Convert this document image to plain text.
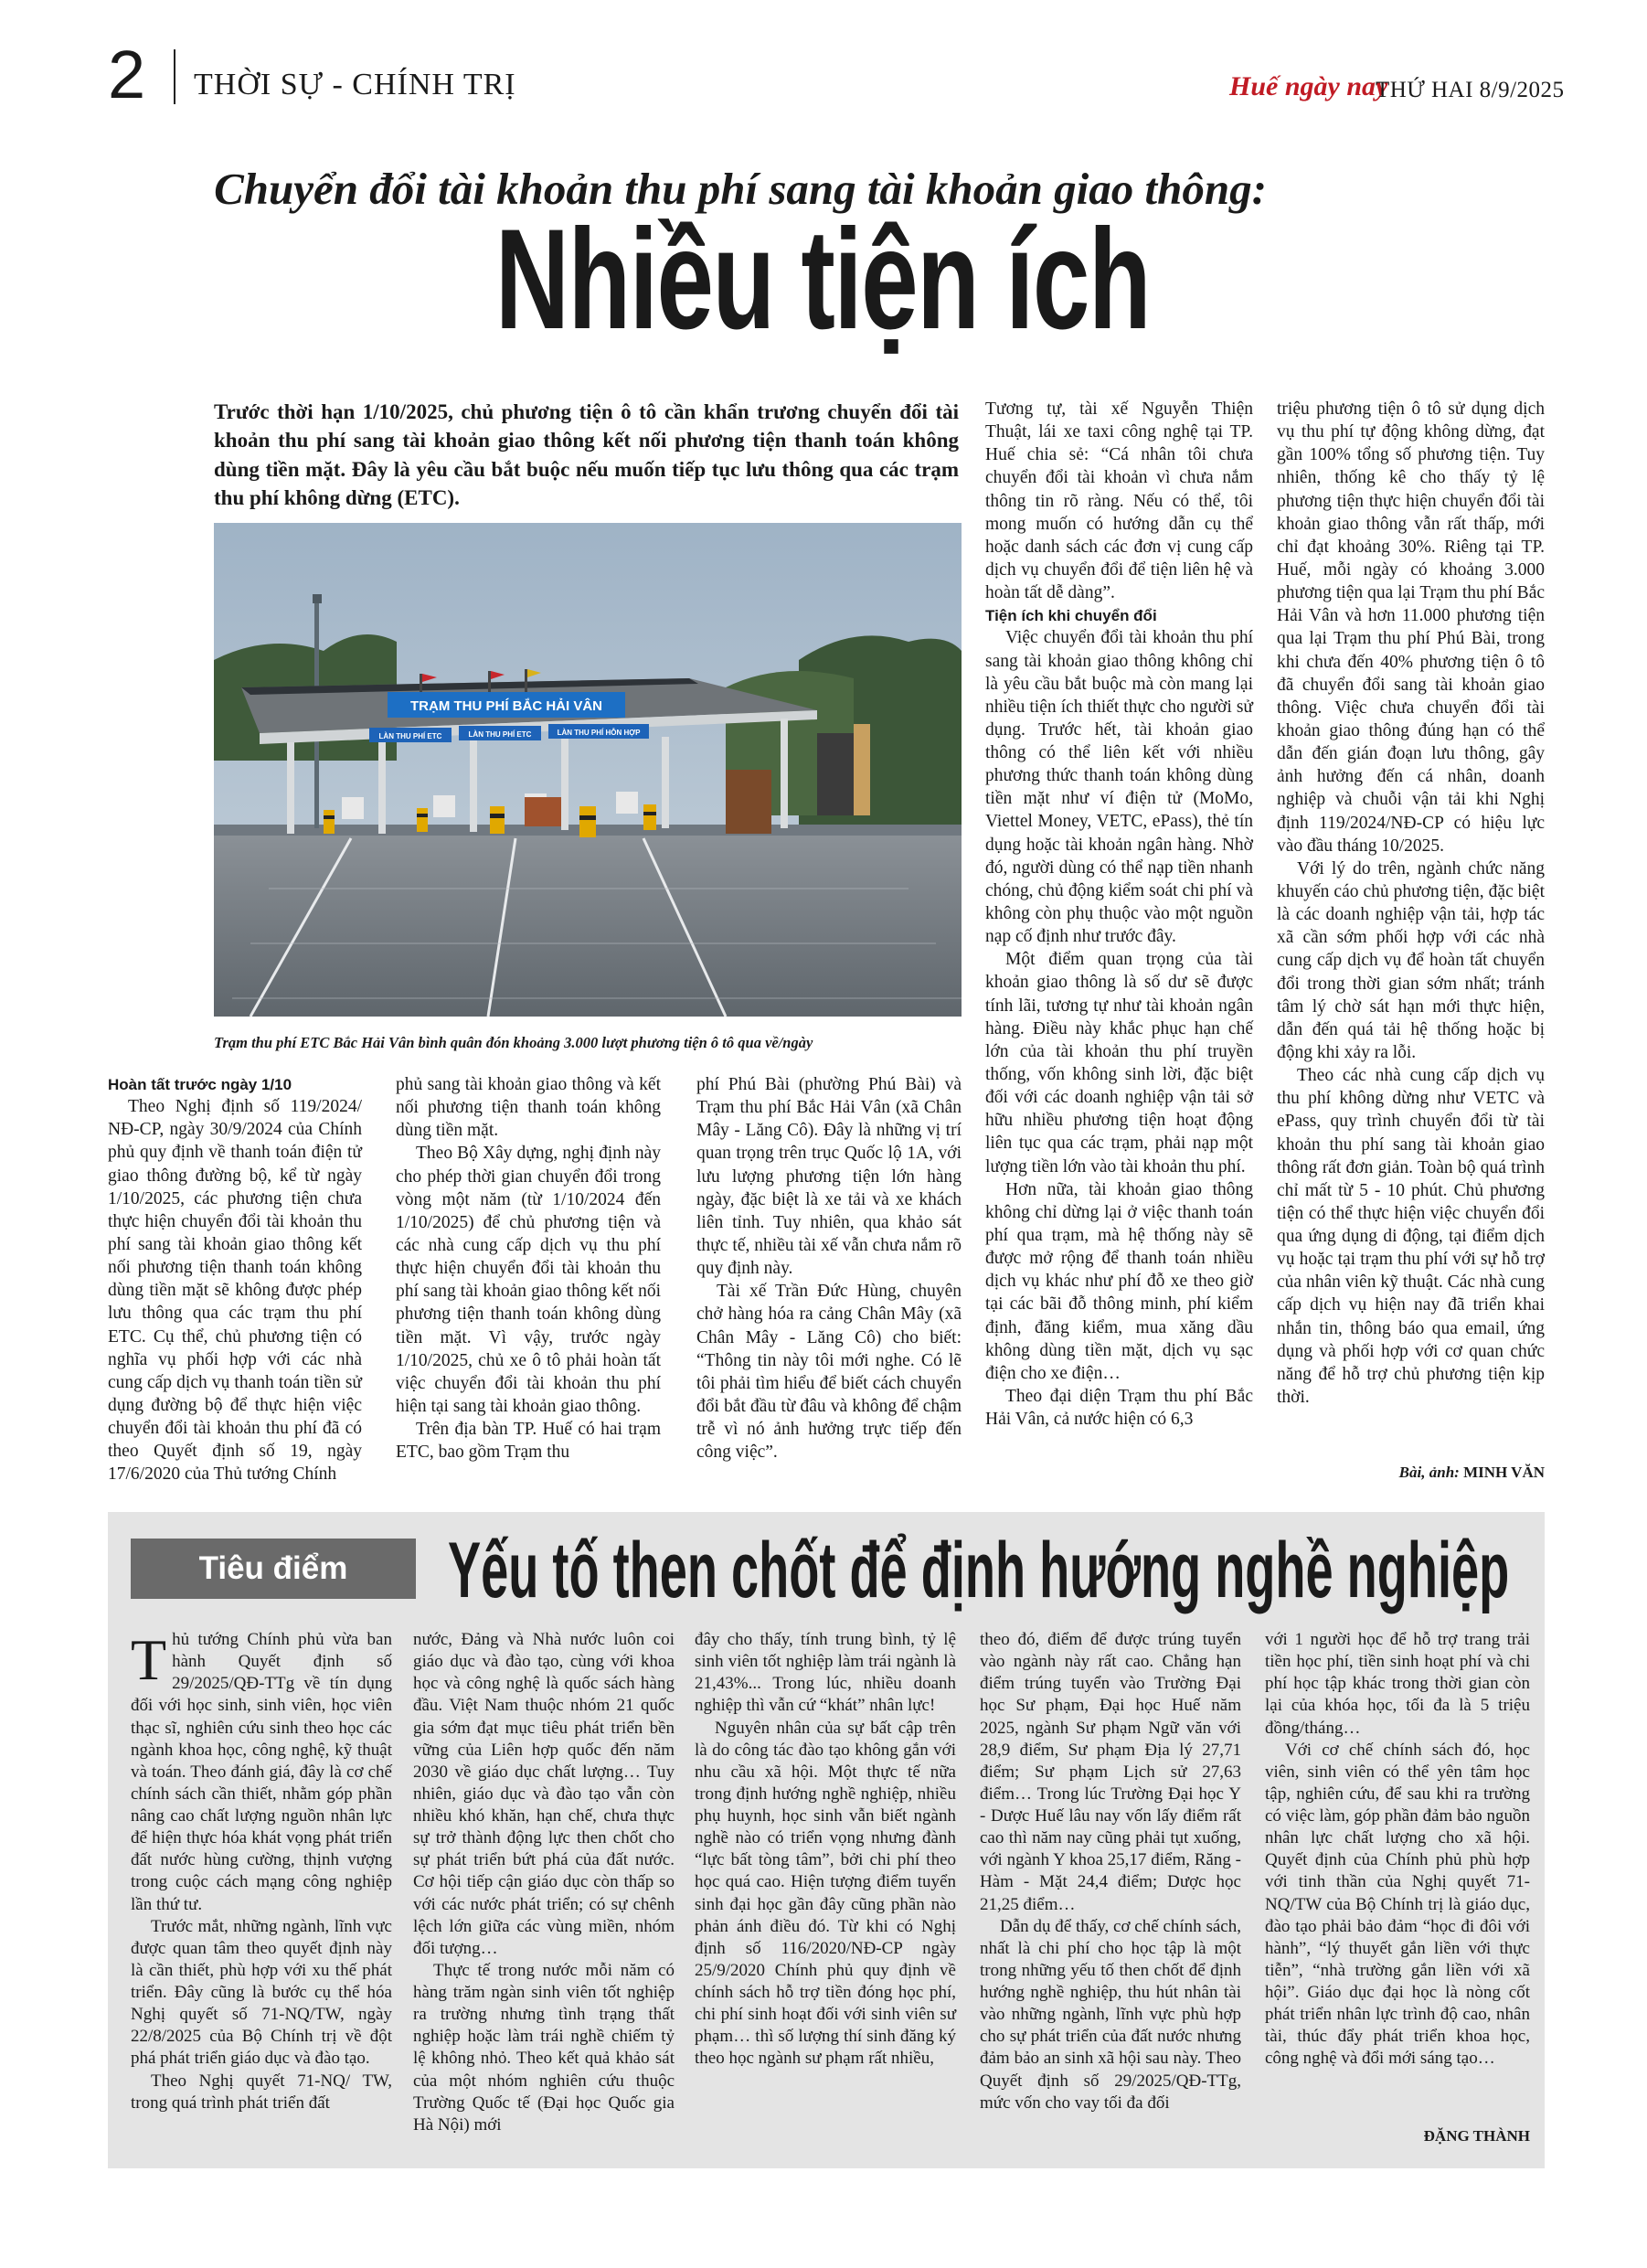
2 THỜI SỰ - CHÍNH TRỊ	Huế ngày nay
THỨ HAI 8/9/2025
Chuyển đổi tài khoản thu phí sang tài khoản giao thông:
Nhiều tiện ích
Trước thời hạn 1/10/2025, chủ phương tiện ô tô cần khẩn trương chuyển đổi tài khoản thu phí sang tài khoản giao thông kết nối phương tiện thanh toán không dùng tiền mặt. Đây là yêu cầu bắt buộc nếu muốn tiếp tục lưu thông qua các trạm thu phí không dừng (ETC).
TRẠM THU PHÍ BẮC HẢI VÂN
LÀN THU PHÍ ETC	LÀN THU PHÍ ETC	LÀN THU PHÍ HỖN HỢP
Trạm thu phí ETC Bắc Hải Vân bình quân đón khoảng 3.000 lượt phương tiện ô tô qua về/ngày
Hoàn tất trước ngày 1/10

Theo Nghị định số 119/2024/ NĐ-CP, ngày 30/9/2024 của Chính phủ quy định về thanh toán điện tử giao thông đường bộ, kể từ ngày 1/10/2025, các phương tiện chưa thực hiện chuyển đổi tài khoản thu phí sang tài khoản giao thông kết nối phương tiện thanh toán không dùng tiền mặt sẽ không được phép lưu thông qua các trạm thu phí ETC. Cụ thể, chủ phương tiện có nghĩa vụ phối hợp với các nhà cung cấp dịch vụ thanh toán tiền sử dụng đường bộ để thực hiện việc chuyển đổi tài khoản thu phí đã có theo Quyết định số 19, ngày 17/6/2020 của Thủ tướng Chính

phủ sang tài khoản giao thông và kết nối phương tiện thanh toán không dùng tiền mặt.

Theo Bộ Xây dựng, nghị định này cho phép thời gian chuyển đổi trong vòng một năm (từ 1/10/2024 đến 1/10/2025) để chủ phương tiện và các nhà cung cấp dịch vụ thu phí thực hiện chuyển đổi tài khoản thu phí sang tài khoản giao thông kết nối phương tiện thanh toán không dùng tiền mặt. Vì vậy, trước ngày 1/10/2025, chủ xe ô tô phải hoàn tất việc chuyển đổi tài khoản thu phí hiện tại sang tài khoản giao thông.

Trên địa bàn TP. Huế có hai trạm ETC, bao gồm Trạm thu

phí Phú Bài (phường Phú Bài) và Trạm thu phí Bắc Hải Vân (xã Chân Mây - Lăng Cô). Đây là những vị trí quan trọng trên trục Quốc lộ 1A, với lưu lượng phương tiện lớn hàng ngày, đặc biệt là xe tải và xe khách liên tỉnh. Tuy nhiên, qua khảo sát thực tế, nhiều tài xế vẫn chưa nắm rõ quy định này.

Tài xế Trần Đức Hùng, chuyên chở hàng hóa ra cảng Chân Mây (xã Chân Mây - Lăng Cô) cho biết: “Thông tin này tôi mới nghe. Có lẽ tôi phải tìm hiểu để biết cách chuyển đổi bắt đầu từ đâu và không để chậm trễ vì nó ảnh hưởng trực tiếp đến công việc”.

Tương tự, tài xế Nguyễn Thiện Thuật, lái xe taxi công nghệ tại TP. Huế chia sẻ: “Cá nhân tôi chưa chuyển đổi tài khoản vì chưa nắm thông tin rõ ràng. Nếu có thể, tôi mong muốn có hướng dẫn cụ thể hoặc danh sách các đơn vị cung cấp dịch vụ chuyển đổi để tiện liên hệ và hoàn tất dễ dàng”.

Tiện ích khi chuyển đổi

Việc chuyển đổi tài khoản thu phí sang tài khoản giao thông không chỉ là yêu cầu bắt buộc mà còn mang lại nhiều tiện ích thiết thực cho người sử dụng. Trước hết, tài khoản giao thông có thể liên kết với nhiều phương thức thanh toán không dùng tiền mặt như ví điện tử (MoMo, Viettel Money, VETC, ePass), thẻ tín dụng hoặc tài khoản ngân hàng. Nhờ đó, người dùng có thể nạp tiền nhanh chóng, chủ động kiểm soát chi phí và không còn phụ thuộc vào một nguồn nạp cố định như trước đây.

Một điểm quan trọng của tài khoản giao thông là số dư sẽ được tính lãi, tương tự như tài khoản ngân hàng. Điều này khắc phục hạn chế lớn của tài khoản thu phí truyền thống, vốn không sinh lời, đặc biệt đối với các doanh nghiệp vận tải sở hữu nhiều phương tiện hoạt động liên tục qua các trạm, phải nạp một lượng tiền lớn vào tài khoản thu phí.

Hơn nữa, tài khoản giao thông không chỉ dừng lại ở việc thanh toán phí qua trạm, mà hệ thống này sẽ được mở rộng để thanh toán nhiều dịch vụ khác như phí đỗ xe theo giờ tại các bãi đỗ thông minh, phí kiểm định, đăng kiểm, mua xăng dầu không dùng tiền mặt, dịch vụ sạc điện cho xe điện…

Theo đại diện Trạm thu phí Bắc Hải Vân, cả nước hiện có 6,3

triệu phương tiện ô tô sử dụng dịch vụ thu phí tự động không dừng, đạt gần 100% tổng số phương tiện. Tuy nhiên, thống kê cho thấy tỷ lệ phương tiện thực hiện chuyển đổi tài khoản giao thông vẫn rất thấp, mới chỉ đạt khoảng 30%. Riêng tại TP. Huế, mỗi ngày có khoảng 3.000 phương tiện qua lại Trạm thu phí Bắc Hải Vân và hơn 11.000 phương tiện qua lại Trạm thu phí Phú Bài, trong khi chưa đến 40% phương tiện ô tô đã chuyển đổi sang tài khoản giao thông. Việc chưa chuyển đổi tài khoản giao thông đúng hạn có thể dẫn đến gián đoạn lưu thông, gây ảnh hưởng đến cá nhân, doanh nghiệp và chuỗi vận tải khi Nghị định 119/2024/NĐ-CP có hiệu lực vào đầu tháng 10/2025.

Với lý do trên, ngành chức năng khuyến cáo chủ phương tiện, đặc biệt là các doanh nghiệp vận tải, hợp tác xã cần sớm phối hợp với các nhà cung cấp dịch vụ để hoàn tất chuyển đổi trong thời gian sớm nhất; tránh tâm lý chờ sát hạn mới thực hiện, dẫn đến quá tải hệ thống hoặc bị động khi xảy ra lỗi.

Theo các nhà cung cấp dịch vụ thu phí không dừng như VETC và ePass, quy trình chuyển đổi từ tài khoản thu phí sang tài khoản giao thông rất đơn giản. Toàn bộ quá trình chỉ mất từ 5 - 10 phút. Chủ phương tiện có thể thực hiện việc chuyển đổi qua ứng dụng di động, tại điểm dịch vụ hoặc tại trạm thu phí với sự hỗ trợ của nhân viên kỹ thuật. Các nhà cung cấp dịch vụ hiện nay đã triển khai nhắn tin, thông báo qua email, ứng dụng và phối hợp với cơ quan chức năng để hỗ trợ chủ phương tiện kịp thời.

Bài, ảnh: MINH VĂN
Tiêu điểm	Yếu tố then chốt để định hướng nghề nghiệp

Thủ tướng Chính phủ vừa ban hành Quyết định số 29/2025/QĐ-TTg về tín dụng đối với học sinh, sinh viên, học viên thạc sĩ, nghiên cứu sinh theo học các ngành khoa học, công nghệ, kỹ thuật và toán. Theo đánh giá, đây là cơ chế chính sách cần thiết, nhằm góp phần nâng cao chất lượng nguồn nhân lực để hiện thực hóa khát vọng phát triển đất nước hùng cường, thịnh vượng trong cuộc cách mạng công nghiệp lần thứ tư.

Trước mắt, những ngành, lĩnh vực được quan tâm theo quyết định này là cần thiết, phù hợp với xu thế phát triển. Đây cũng là bước cụ thể hóa Nghị quyết số 71-NQ/TW, ngày 22/8/2025 của Bộ Chính trị về đột phá phát triển giáo dục và đào tạo.

Theo Nghị quyết 71-NQ/ TW, trong quá trình phát triển đất

nước, Đảng và Nhà nước luôn coi giáo dục và đào tạo, cùng với khoa học và công nghệ là quốc sách hàng đầu. Việt Nam thuộc nhóm 21 quốc gia sớm đạt mục tiêu phát triển bền vững của Liên hợp quốc đến năm 2030 về giáo dục chất lượng… Tuy nhiên, giáo dục và đào tạo vẫn còn nhiều khó khăn, hạn chế, chưa thực sự trở thành động lực then chốt cho sự phát triển bứt phá của đất nước. Cơ hội tiếp cận giáo dục còn thấp so với các nước phát triển; có sự chênh lệch lớn giữa các vùng miền, nhóm đối tượng…

Thực tế trong nước mỗi năm có hàng trăm ngàn sinh viên tốt nghiệp ra trường nhưng tình trạng thất nghiệp hoặc làm trái nghề chiếm tỷ lệ không nhỏ. Theo kết quả khảo sát của một nhóm nghiên cứu thuộc Trường Quốc tế (Đại học Quốc gia Hà Nội) mới

đây cho thấy, tính trung bình, tỷ lệ sinh viên tốt nghiệp làm trái ngành là 21,43%... Trong lúc, nhiều doanh nghiệp thì vẫn cứ “khát” nhân lực!

Nguyên nhân của sự bất cập trên là do công tác đào tạo không gắn với nhu cầu xã hội. Một thực tế nữa trong định hướng nghề nghiệp, nhiều phụ huynh, học sinh vẫn biết ngành nghề nào có triển vọng nhưng đành “lực bất tòng tâm”, bởi chi phí theo học quá cao. Hiện tượng điểm tuyển sinh đại học gần đây cũng phần nào phản ánh điều đó. Từ khi có Nghị định số 116/2020/NĐ-CP ngày 25/9/2020 Chính phủ quy định về chính sách hỗ trợ tiền đóng học phí, chi phí sinh hoạt đối với sinh viên sư phạm… thì số lượng thí sinh đăng ký theo học ngành sư phạm rất nhiều,

theo đó, điểm để được trúng tuyển vào ngành này rất cao. Chẳng hạn điểm trúng tuyển vào Trường Đại học Sư phạm, Đại học Huế năm 2025, ngành Sư phạm Ngữ văn với 28,9 điểm, Sư phạm Địa lý 27,71 điểm; Sư phạm Lịch sử 27,63 điểm… Trong lúc Trường Đại học Y - Dược Huế lâu nay vốn lấy điểm rất cao thì năm nay cũng phải tụt xuống, với ngành Y khoa 25,17 điểm, Răng - Hàm - Mặt 24,4 điểm; Dược học 21,25 điểm…

Dẫn dụ để thấy, cơ chế chính sách, nhất là chi phí cho học tập là một trong những yếu tố then chốt để định hướng nghề nghiệp, thu hút nhân tài vào những ngành, lĩnh vực phù hợp cho sự phát triển của đất nước nhưng đảm bảo an sinh xã hội sau này. Theo Quyết định số 29/2025/QĐ-TTg, mức vốn cho vay tối đa đối

với 1 người học để hỗ trợ trang trải tiền học phí, tiền sinh hoạt phí và chi phí học tập khác trong thời gian còn lại của khóa học, tối đa là 5 triệu đồng/tháng…

Với cơ chế chính sách đó, học viên, sinh viên có thể yên tâm học tập, nghiên cứu, để sau khi ra trường có việc làm, góp phần đảm bảo nguồn nhân lực chất lượng cho xã hội. Quyết định của Chính phủ phù hợp với tinh thần của Nghị quyết 71-NQ/TW của Bộ Chính trị là giáo dục, đào tạo phải bảo đảm “học đi đôi với hành”, “lý thuyết gắn liền với thực tiễn”, “nhà trường gắn liền với xã hội”. Giáo dục đại học là nòng cốt phát triển nhân lực trình độ cao, nhân tài, thúc đẩy phát triển khoa học, công nghệ và đổi mới sáng tạo…

ĐẶNG THÀNH
